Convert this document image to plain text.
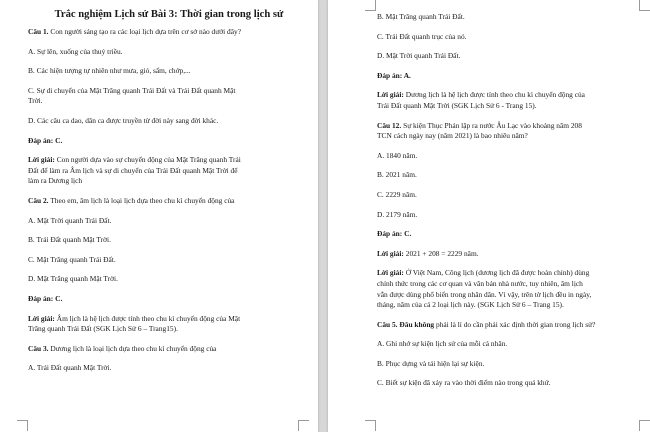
Trắc nghiệm Lịch sử Bài 3: Thời gian trong lịch sử

Câu 1. Con người sáng tạo ra các loại lịch dựa trên cơ sở nào dưới đây?

A. Sự lên, xuống của thuỷ triều.

B. Các hiện tượng tự nhiên như mưa, gió, sấm, chớp,...

C. Sự di chuyển của Mặt Trăng quanh Trái Đất và Trái Đất quanh Mặt

Trời.

D. Các câu ca dao, dân ca được truyền từ đời này sang đời khác.

Đáp án: C.

Lời giải: Con người dựa vào sự chuyển động của Mặt Trăng quanh Trái

Đất để làm ra Âm lịch và sự di chuyển của Trái Đất quanh Mặt Trời để

làm ra Dương lịch

Câu 2. Theo em, âm lịch là loại lịch dựa theo chu kì chuyển động của

A. Mặt Trời quanh Trái Đất.

B. Trái Đất quanh Mặt Trời.

C. Mặt Trăng quanh Trái Đất.

D. Mặt Trăng quanh Mặt Trời.

Đáp án: C.

Lời giải: Âm lịch là hệ lịch được tính theo chu kì chuyển động của Mặt

Trăng quanh Trái Đất (SGK Lịch Sử 6 – Trang15).

Câu 3. Dương lịch là loại lịch dựa theo chu kì chuyển động của

A. Trái Đất quanh Mặt Trời.

B. Mặt Trăng quanh Trái Đất.

C. Trái Đất quanh trục của nó.

D. Mặt Trời quanh Trái Đất.

Đáp án: A.

Lời giải: Dương lịch là hệ lịch được tính theo chu kì chuyển động của

Trái Đất quanh Mặt Trời (SGK Lịch Sử 6 - Trang 15).

Câu 12. Sự kiện Thục Phán lập ra nước Âu Lạc vào khoảng năm 208

TCN cách ngày nay (năm 2021) là bao nhiêu năm?

A. 1840 năm.

B. 2021 năm.

C. 2229 năm.

D. 2179 năm.

Đáp án: C.

Lời giải: 2021 + 208 = 2229 năm.

Lời giải: Ở Việt Nam, Công lịch (dương lịch đã được hoàn chỉnh) dùng

chính thức trong các cơ quan và văn bản nhà nước, tuy nhiên, âm lịch

vẫn được dùng phổ biến trong nhân dân. Vì vậy, trên tờ lịch đều in ngày,

tháng, năm của cả 2 loại lịch này. (SGK Lịch Sử 6 – Trang 15).

Câu 5. Đâu không phải là lí do cần phải xác định thời gian trong lịch sử?

A. Ghi nhớ sự kiện lịch sử của mỗi cá nhân.

B. Phục dựng và tái hiện lại sự kiện.

C. Biết sự kiện đã xảy ra vào thời điểm nào trong quá khứ.
